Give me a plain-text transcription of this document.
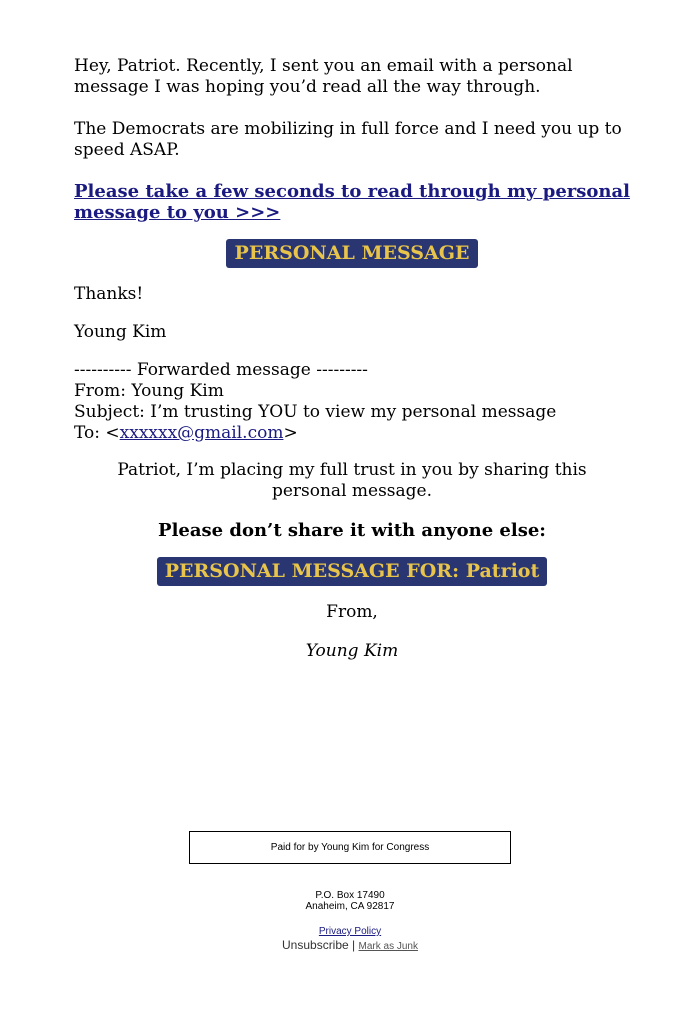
Hey, Patriot. Recently, I sent you an email with a personal message I was hoping you’d read all the way through.

The Democrats are mobilizing in full force and I need you up to speed ASAP.

Please take a few seconds to read through my personal message to you >>>
PERSONAL MESSAGE

Thanks!

Young Kim

---------- Forwarded message ---------

From: Young Kim

Subject: I’m trusting YOU to view my personal message

To: <xxxxxx@gmail.com>

Patriot, I’m placing my full trust in you by sharing this personal message.

Please don’t share it with anyone else:

PERSONAL MESSAGE FOR: Patriot

From,

Young Kim

Paid for by Young Kim for Congress
P.O. Box 17490
Anaheim, CA 92817
Privacy Policy
Unsubscribe | Mark as Junk
